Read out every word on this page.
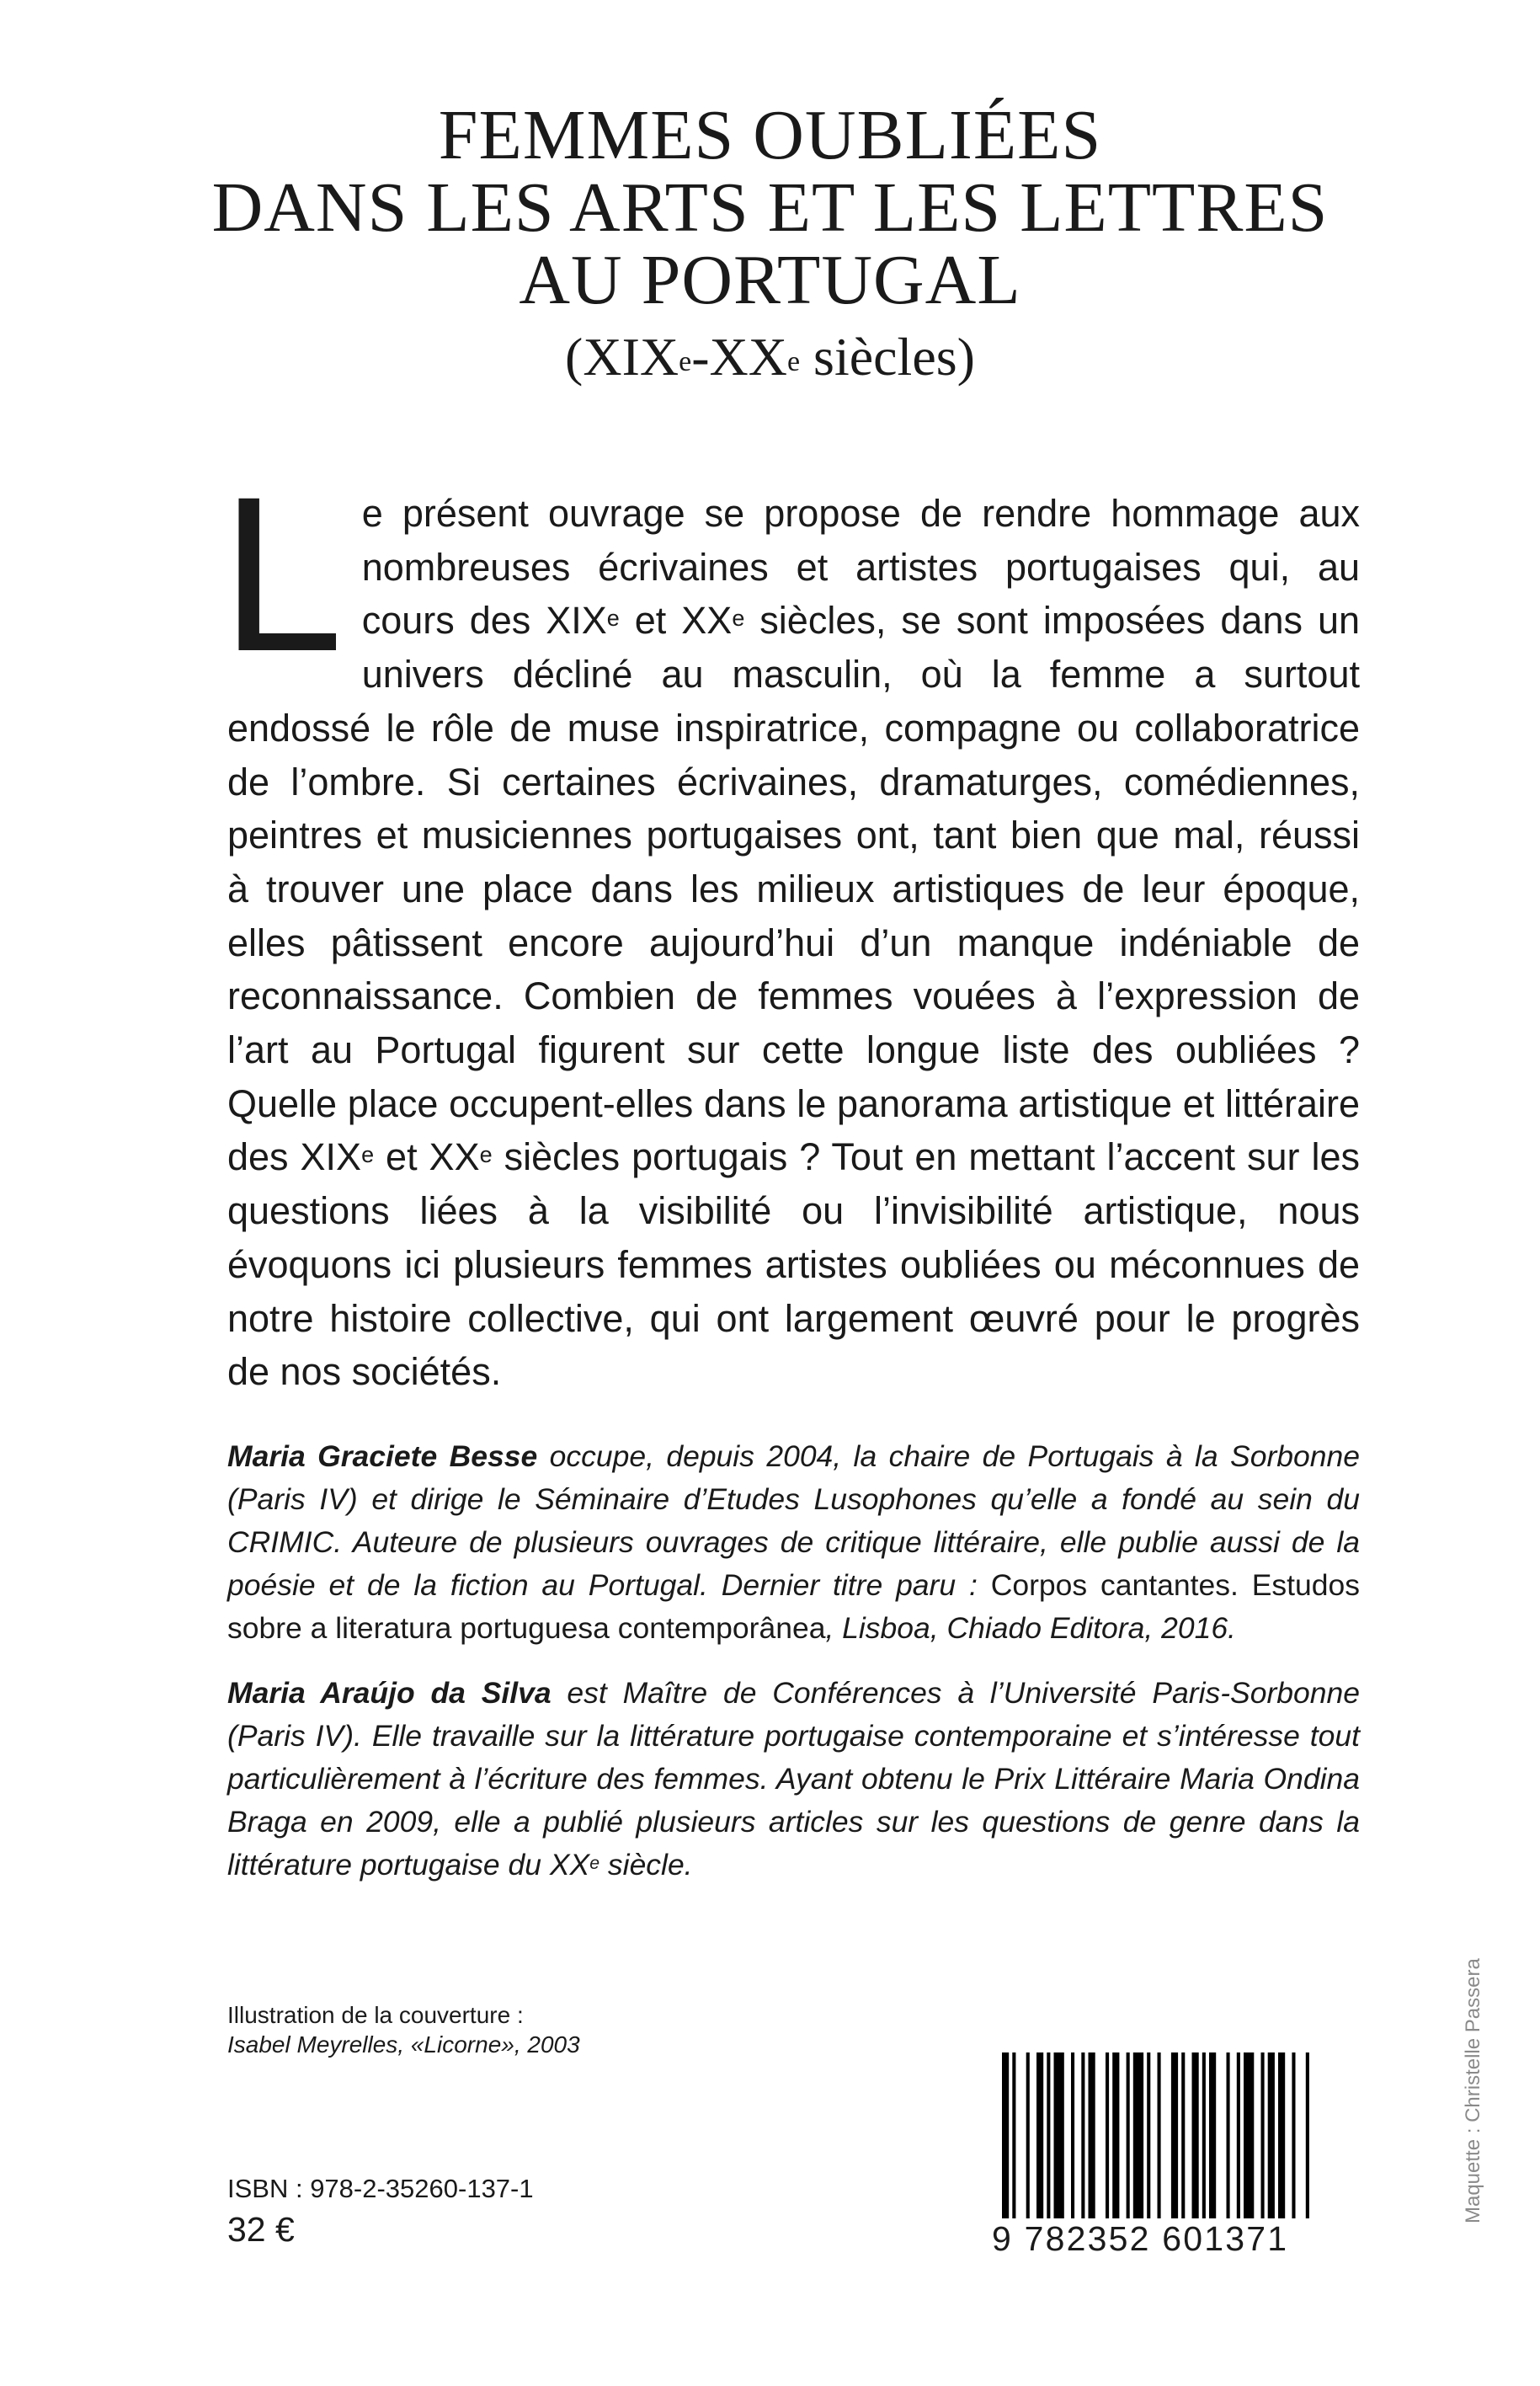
FEMMES OUBLIÉES
DANS LES ARTS ET LES LETTRES
AU PORTUGAL
(XIXe-XXe siècles)
Le présent ouvrage se propose de rendre hommage aux nombreuses écrivaines et artistes portugaises qui, au cours des XIXe et XXe siècles, se sont imposées dans un univers décliné au masculin, où la femme a surtout endossé le rôle de muse inspiratrice, compagne ou collaboratrice de l’ombre. Si certaines écrivaines, dramaturges, comédiennes, peintres et musiciennes portugaises ont, tant bien que mal, réussi à trouver une place dans les milieux artistiques de leur époque, elles pâtissent encore aujourd’hui d’un manque indéniable de reconnaissance. Combien de femmes vouées à l’expression de l’art au Portugal figurent sur cette longue liste des oubliées ? Quelle place occupent-elles dans le panorama artistique et littéraire des XIXe et XXe siècles portugais ? Tout en mettant l’accent sur les questions liées à la visibilité ou l’invisibilité artistique, nous évoquons ici plusieurs femmes artistes oubliées ou méconnues de notre histoire collective, qui ont largement œuvré pour le progrès de nos sociétés.
Maria Graciete Besse occupe, depuis 2004, la chaire de Portugais à la Sorbonne (Paris IV) et dirige le Séminaire d’Etudes Lusophones qu’elle a fondé au sein du CRIMIC. Auteure de plusieurs ouvrages de critique littéraire, elle publie aussi de la poésie et de la fiction au Portugal. Dernier titre paru : Corpos cantantes. Estudos sobre a literatura portuguesa contemporânea, Lisboa, Chiado Editora, 2016.
Maria Araújo da Silva est Maître de Conférences à l’Université Paris-Sorbonne (Paris IV). Elle travaille sur la littérature portugaise contemporaine et s’intéresse tout particulièrement à l’écriture des femmes. Ayant obtenu le Prix Littéraire Maria Ondina Braga en 2009, elle a publié plusieurs articles sur les questions de genre dans la littérature portugaise du XXe siècle.
Illustration de la couverture :
Isabel Meyrelles, «Licorne», 2003
ISBN : 978-2-35260-137-1
32 €	9 782352 601371
Maquette : Christelle Passera
